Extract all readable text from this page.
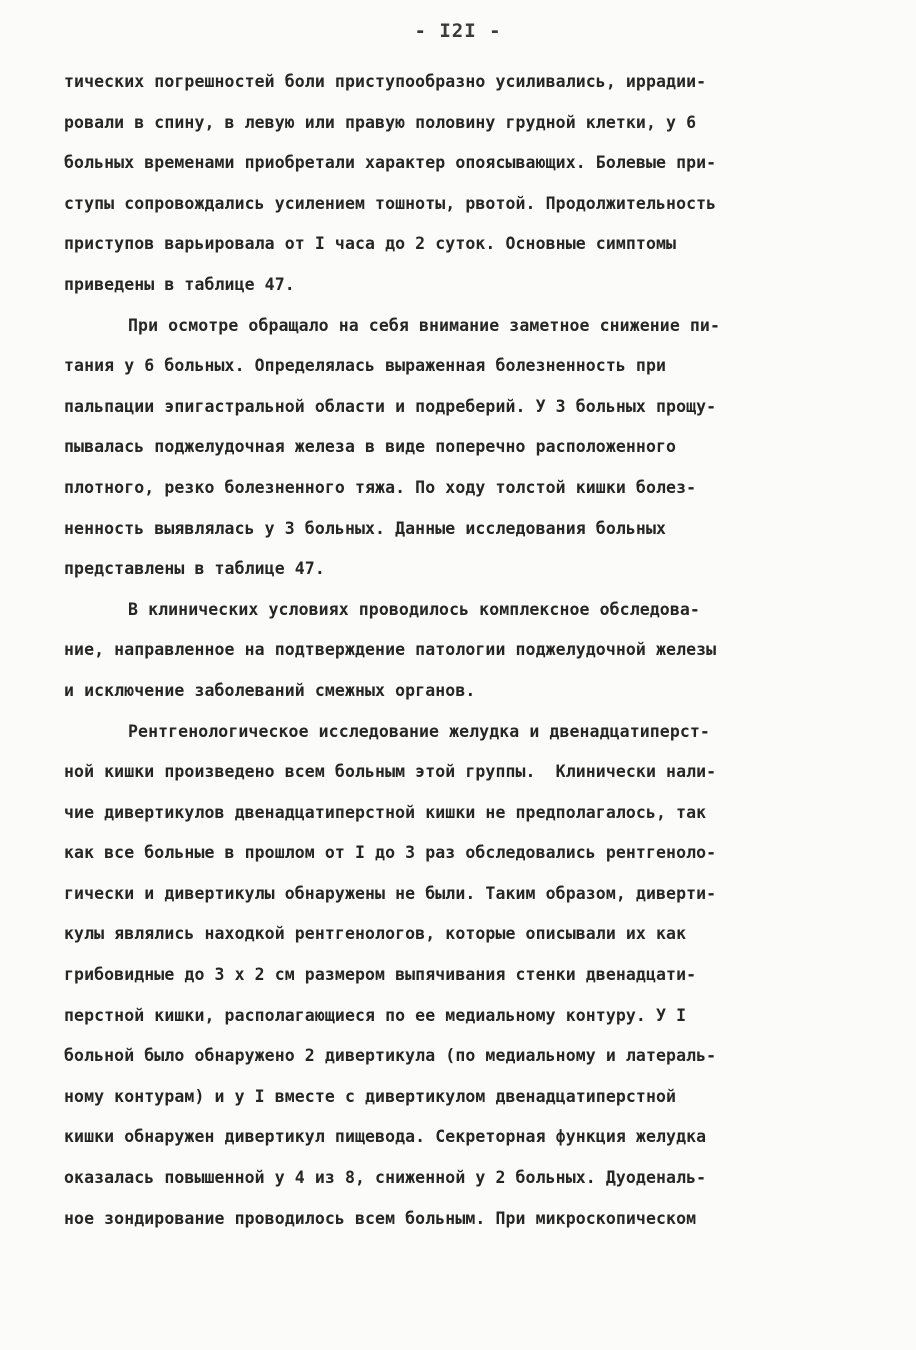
- I2I -
тических погрешностей боли приступообразно усиливались, иррадии-
ровали в спину, в левую или правую половину грудной клетки, у 6
больных временами приобретали характер опоясывающих. Болевые при-
ступы сопровождались усилением тошноты, рвотой. Продолжительность
приступов варьировала от I часа до 2 суток. Основные симптомы
приведены в таблице 47.
При осмотре обращало на себя внимание заметное снижение пи-
тания у 6 больных. Определялась выраженная болезненность при
пальпации эпигастральной области и подреберий. У 3 больных прощу-
пывалась поджелудочная железа в виде поперечно расположенного
плотного, резко болезненного тяжа. По ходу толстой кишки болез-
ненность выявлялась у 3 больных. Данные исследования больных
представлены в таблице 47.
В клинических условиях проводилось комплексное обследова-
ние, направленное на подтверждение патологии поджелудочной железы
и исключение заболеваний смежных органов.
Рентгенологическое исследование желудка и двенадцатиперст-
ной кишки произведено всем больным этой группы.  Клинически нали-
чие дивертикулов двенадцатиперстной кишки не предполагалось, так
как все больные в прошлом от I до 3 раз обследовались рентгеноло-
гически и дивертикулы обнаружены не были. Таким образом, диверти-
кулы являлись находкой рентгенологов, которые описывали их как
грибовидные до 3 х 2 см размером выпячивания стенки двенадцати-
перстной кишки, располагающиеся по ее медиальному контуру. У I
больной было обнаружено 2 дивертикула (по медиальному и латераль-
ному контурам) и у I вместе с дивертикулом двенадцатиперстной
кишки обнаружен дивертикул пищевода. Секреторная функция желудка
оказалась повышенной у 4 из 8, сниженной у 2 больных. Дуоденаль-
ное зондирование проводилось всем больным. При микроскопическом
